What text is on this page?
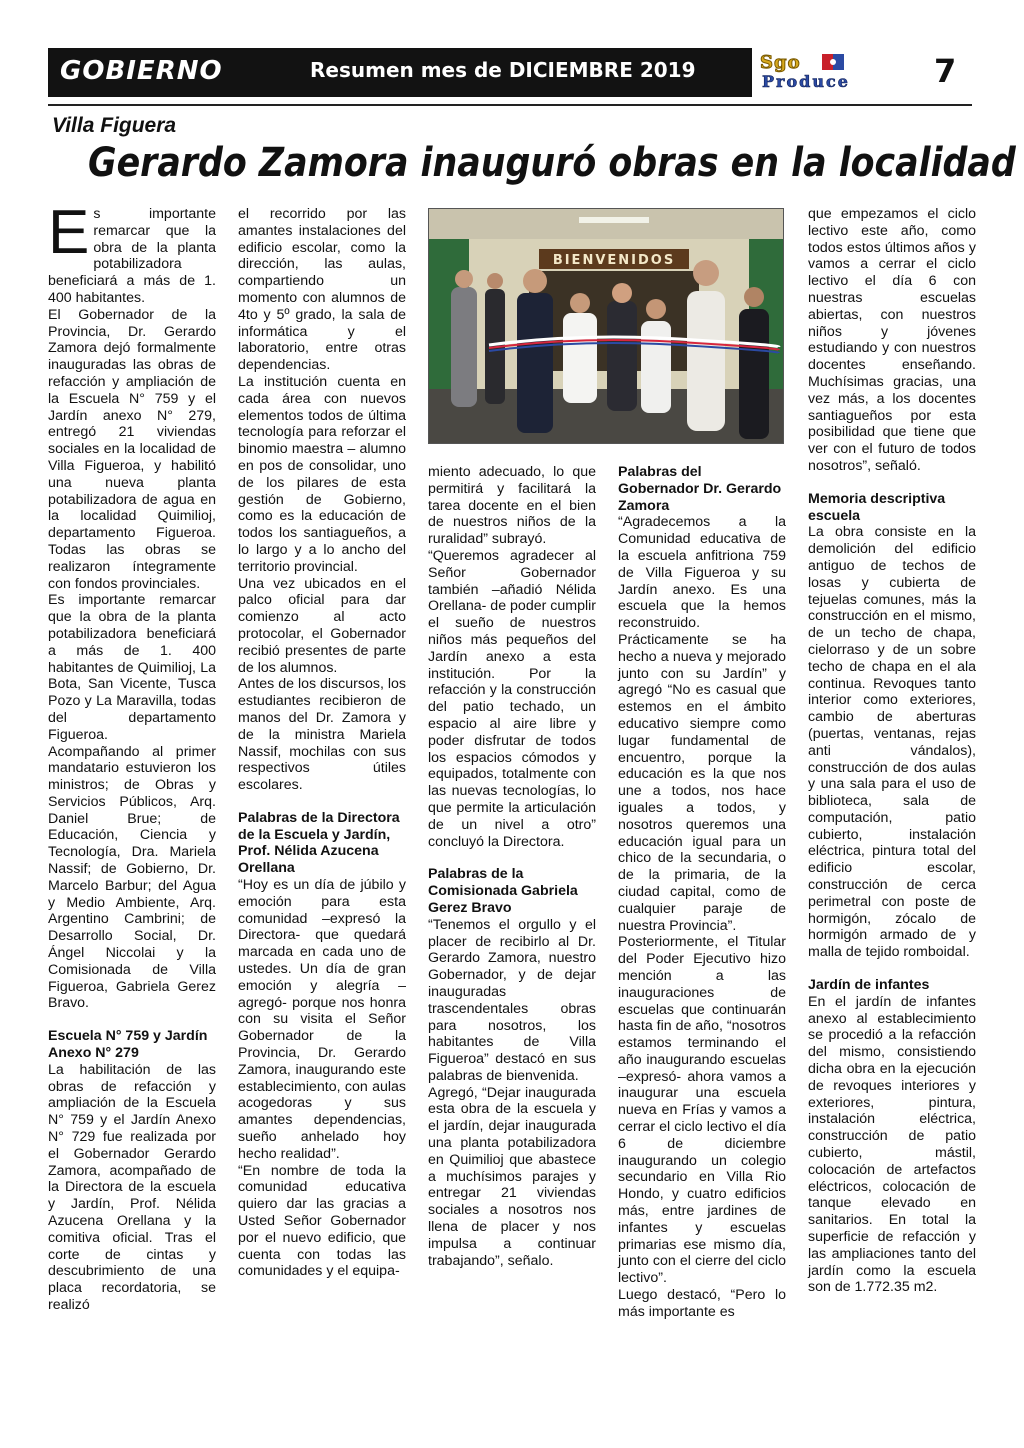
GOBIERNO	Resumen mes de DICIEMBRE 2019	Sgo
Produce	7
Villa Figuera
Gerardo Zamora inauguró obras en la localidad

Es importante remarcar que la obra de la planta potabilizadora beneficiará a más de 1. 400 habitantes.

El Gobernador de la Provincia, Dr. Gerardo Zamora dejó formalmente inauguradas las obras de refacción y ampliación de la Escuela N° 759 y el Jardín anexo N° 279, entregó 21 viviendas sociales en la localidad de Villa Figueroa, y habilitó una nueva planta potabilizadora de agua en la localidad Quimilioj, departamento Figueroa. Todas las obras se realizaron íntegramente con fondos provinciales.

Es importante remarcar que la obra de la planta potabilizadora beneficiará a más de 1. 400 habitantes de Quimilioj, La Bota, San Vicente, Tusca Pozo y La Maravilla, todas del departamento Figueroa.

Acompañando al primer mandatario estuvieron los ministros; de Obras y Servicios Públicos, Arq. Daniel Brue; de Educación, Ciencia y Tecnología, Dra. Mariela Nassif; de Gobierno, Dr. Marcelo Barbur; del Agua y Medio Ambiente, Arq. Argentino Cambrini; de Desarrollo Social, Dr. Ángel Niccolai y la Comisionada de Villa Figueroa, Gabriela Gerez Bravo.

Escuela N° 759 y Jardín Anexo N° 279

La habilitación de las obras de refacción y ampliación de la Escuela N° 759 y el Jardín Anexo N° 729 fue realizada por el Gobernador Gerardo Zamora, acompañado de la Directora de la escuela y Jardín, Prof. Nélida Azucena Orellana y la comitiva oficial. Tras el corte de cintas y descubrimiento de una placa recordatoria, se realizó

el recorrido por las amantes instalaciones del edificio escolar, como la dirección, las aulas, compartiendo un momento con alumnos de 4to y 5º grado, la sala de informática y el laboratorio, entre otras dependencias.

La institución cuenta en cada área con nuevos elementos todos de última tecnología para reforzar el binomio maestra – alumno en pos de consolidar, uno de los pilares de esta gestión de Gobierno, como es la educación de todos los santiagueños, a lo largo y a lo ancho del territorio provincial.

Una vez ubicados en el palco oficial para dar comienzo al acto protocolar, el Gobernador recibió presentes de parte de los alumnos.

Antes de los discursos, los estudiantes recibieron de manos del Dr. Zamora y de la ministra Mariela Nassif, mochilas con sus respectivos útiles escolares.

Palabras de la Directora de la Escuela y Jardín, Prof. Nélida Azucena Orellana

“Hoy es un día de júbilo y emoción para esta comunidad –expresó la Directora- que quedará marcada en cada uno de ustedes. Un día de gran emoción y alegría –agregó- porque nos honra con su visita el Señor Gobernador de la Provincia, Dr. Gerardo Zamora, inaugurando este establecimiento, con aulas acogedoras y sus amantes dependencias, sueño anhelado hoy hecho realidad”.

“En nombre de toda la comunidad educativa quiero dar las gracias a Usted Señor Gobernador por el nuevo edificio, que cuenta con todas las comunidades y el equipa-

BIENVENIDOS

miento adecuado, lo que permitirá y facilitará la tarea docente en el bien de nuestros niños de la ruralidad” subrayó.

“Queremos agradecer al Señor Gobernador también –añadió Nélida Orellana- de poder cumplir el sueño de nuestros niños más pequeños del Jardín anexo a esta institución. Por la refacción y la construcción del patio techado, un espacio al aire libre y poder disfrutar de todos los espacios cómodos y equipados, totalmente con las nuevas tecnologías, lo que permite la articulación de un nivel a otro” concluyó la Directora.

Palabras de la Comisionada Gabriela Gerez Bravo

“Tenemos el orgullo y el placer de recibirlo al Dr. Gerardo Zamora, nuestro Gobernador, y de dejar inauguradas trascendentales obras para nosotros, los habitantes de Villa Figueroa” destacó en sus palabras de bienvenida.

Agregó, “Dejar inaugurada esta obra de la escuela y el jardín, dejar inaugurada una planta potabilizadora en Quimilioj que abastece a muchísimos parajes y entregar 21 viviendas sociales a nosotros nos llena de placer y nos impulsa a continuar trabajando”, señalo.

Palabras del Gobernador Dr. Gerardo Zamora

“Agradecemos a la Comunidad educativa de la escuela anfitriona 759 de Villa Figueroa y su Jardín anexo. Es una escuela que la hemos reconstruido. Prácticamente se ha hecho a nueva y mejorado junto con su Jardín” y agregó “No es casual que estemos en el ámbito educativo siempre como lugar fundamental de encuentro, porque la educación es la que nos une a todos, nos hace iguales a todos, y nosotros queremos una educación igual para un chico de la secundaria, o de la primaria, de la ciudad capital, como de cualquier paraje de nuestra Provincia”.

Posteriormente, el Titular del Poder Ejecutivo hizo mención a las inauguraciones de escuelas que continuarán hasta fin de año, “nosotros estamos terminando el año inaugurando escuelas –expresó- ahora vamos a inaugurar una escuela nueva en Frías y vamos a cerrar el ciclo lectivo el día 6 de diciembre inaugurando un colegio secundario en Villa Rio Hondo, y cuatro edificios más, entre jardines de infantes y escuelas primarias ese mismo día, junto con el cierre del ciclo lectivo”.

Luego destacó, “Pero lo más importante es

que empezamos el ciclo lectivo este año, como todos estos últimos años y vamos a cerrar el ciclo lectivo el día 6 con nuestras escuelas abiertas, con nuestros niños y jóvenes estudiando y con nuestros docentes enseñando. Muchísimas gracias, una vez más, a los docentes santiagueños por esta posibilidad que tiene que ver con el futuro de todos nosotros”, señaló.

Memoria descriptiva escuela

La obra consiste en la demolición del edificio antiguo de techos de losas y cubierta de tejuelas comunes, más la construcción en el mismo, de un techo de chapa, cielorraso y de un sobre techo de chapa en el ala continua. Revoques tanto interior como exteriores, cambio de aberturas (puertas, ventanas, rejas anti vándalos), construcción de dos aulas y una sala para el uso de biblioteca, sala de computación, patio cubierto, instalación eléctrica, pintura total del edificio escolar, construcción de cerca perimetral con poste de hormigón, zócalo de hormigón armado de y malla de tejido romboidal.

Jardín de infantes

En el jardín de infantes anexo al establecimiento se procedió a la refacción del mismo, consistiendo dicha obra en la ejecución de revoques interiores y exteriores, pintura, instalación eléctrica, construcción de patio cubierto, mástil, colocación de artefactos eléctricos, colocación de tanque elevado en sanitarios. En total la superficie de refacción y las ampliaciones tanto del jardín como la escuela son de 1.772.35 m2.
